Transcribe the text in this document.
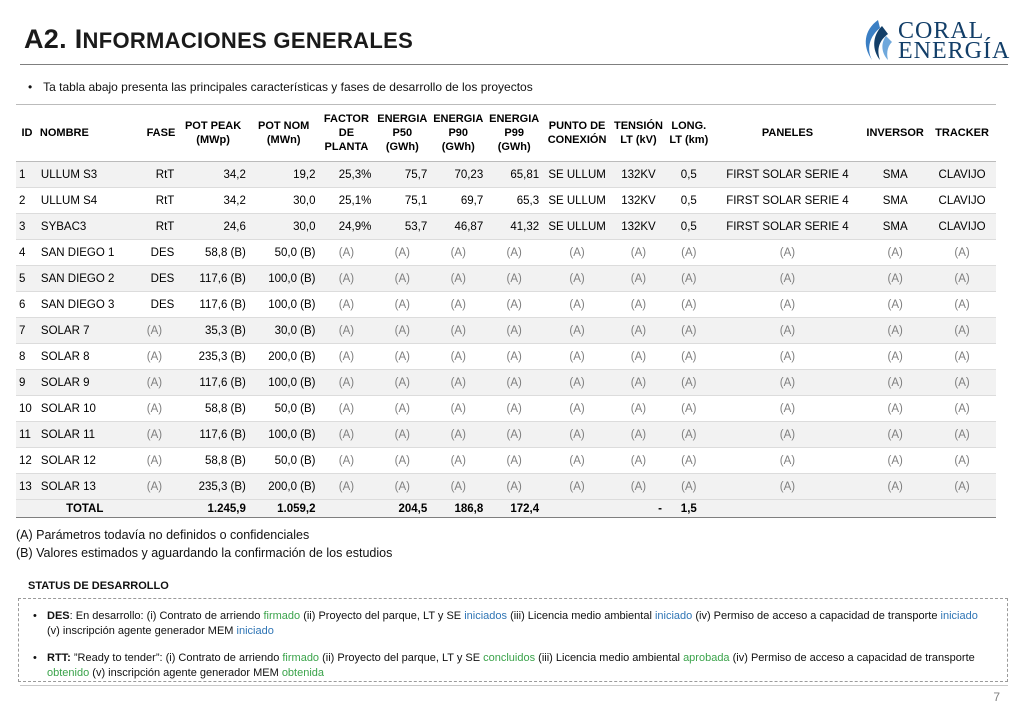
A2. INFORMACIONES GENERALES	CORAL
ENERGÍA
• Ta tabla abajo presenta las principales características y fases de desarrollo de los proyectos
ID	NOMBRE	FASE	POT PEAK (MWp)	POT NOM (MWn)	FACTOR DE PLANTA	ENERGIA P50 (GWh)	ENERGIA P90 (GWh)	ENERGIA P99 (GWh)	PUNTO DE CONEXIÓN	TENSIÓN LT (kV)	LONG. LT (km)	PANELES	INVERSOR	TRACKER
1	ULLUM S3	RtT	34,2	19,2	25,3%	75,7	70,23	65,81	SE ULLUM	132KV	0,5	FIRST SOLAR SERIE 4	SMA	CLAVIJO
2	ULLUM S4	RtT	34,2	30,0	25,1%	75,1	69,7	65,3	SE ULLUM	132KV	0,5	FIRST SOLAR SERIE 4	SMA	CLAVIJO
3	SYBAC3	RtT	24,6	30,0	24,9%	53,7	46,87	41,32	SE ULLUM	132KV	0,5	FIRST SOLAR SERIE 4	SMA	CLAVIJO
4	SAN DIEGO 1	DES	58,8 (B)	50,0 (B)	(A)	(A)	(A)	(A)	(A)	(A)	(A)	(A)	(A)	(A)
5	SAN DIEGO 2	DES	117,6 (B)	100,0 (B)	(A)	(A)	(A)	(A)	(A)	(A)	(A)	(A)	(A)	(A)
6	SAN DIEGO 3	DES	117,6 (B)	100,0 (B)	(A)	(A)	(A)	(A)	(A)	(A)	(A)	(A)	(A)	(A)
7	SOLAR 7	(A)	35,3 (B)	30,0 (B)	(A)	(A)	(A)	(A)	(A)	(A)	(A)	(A)	(A)	(A)
8	SOLAR 8	(A)	235,3 (B)	200,0 (B)	(A)	(A)	(A)	(A)	(A)	(A)	(A)	(A)	(A)	(A)
9	SOLAR 9	(A)	117,6 (B)	100,0 (B)	(A)	(A)	(A)	(A)	(A)	(A)	(A)	(A)	(A)	(A)
10	SOLAR 10	(A)	58,8 (B)	50,0 (B)	(A)	(A)	(A)	(A)	(A)	(A)	(A)	(A)	(A)	(A)
11	SOLAR 11	(A)	117,6 (B)	100,0 (B)	(A)	(A)	(A)	(A)	(A)	(A)	(A)	(A)	(A)	(A)
12	SOLAR 12	(A)	58,8 (B)	50,0 (B)	(A)	(A)	(A)	(A)	(A)	(A)	(A)	(A)	(A)	(A)
13	SOLAR 13	(A)	235,3 (B)	200,0 (B)	(A)	(A)	(A)	(A)	(A)	(A)	(A)	(A)	(A)	(A)
	TOTAL		1.245,9	1.059,2		204,5	186,8	172,4		-	1,5			
(A) Parámetros todavía no definidos o confidenciales
(B) Valores estimados y aguardando la confirmación de los estudios
STATUS DE DESARROLLO
• DES: En desarrollo: (i) Contrato de arriendo firmado (ii) Proyecto del parque, LT y SE iniciados (iii) Licencia medio ambiental iniciado (iv) Permiso de acceso a capacidad de transporte iniciado (v) inscripción agente generador MEM iniciado
• RTT: ”Ready to tender”: (i) Contrato de arriendo firmado (ii) Proyecto del parque, LT y SE concluidos (iii) Licencia medio ambiental aprobada (iv) Permiso de acceso a capacidad de transporte obtenido (v) inscripción agente generador MEM obtenida
7
